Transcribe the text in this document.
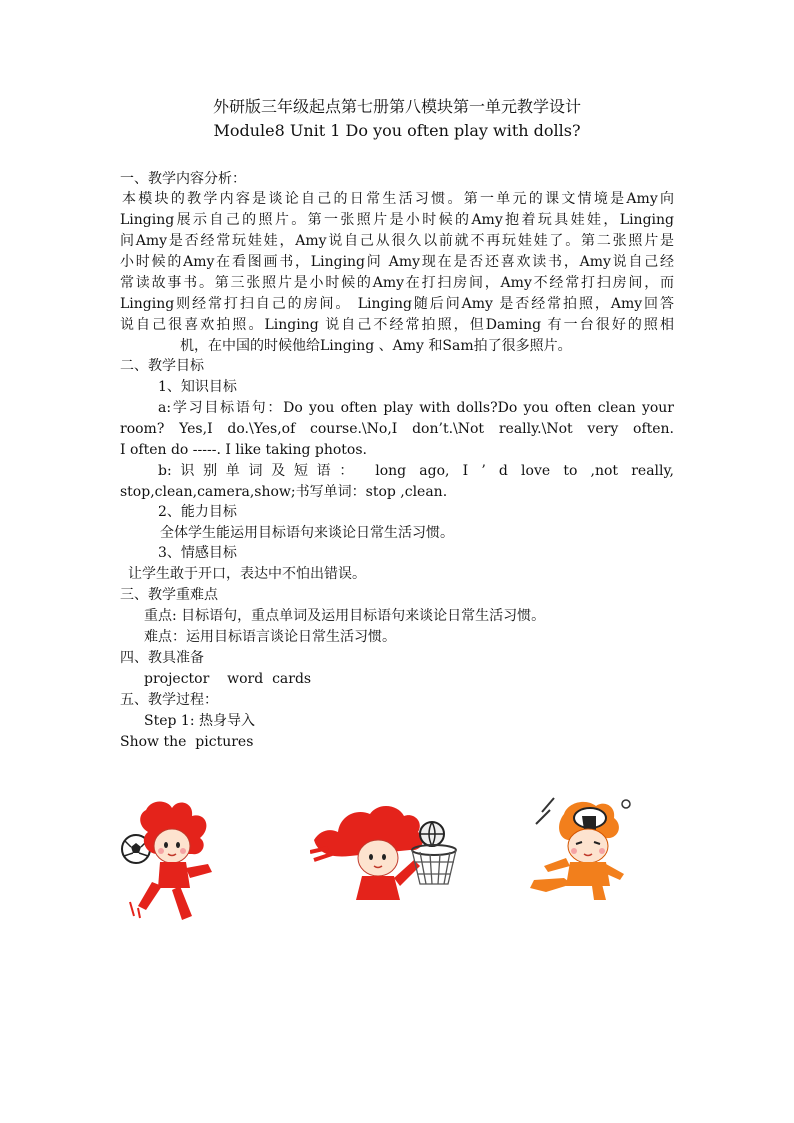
外研版三年级起点第七册第八模块第一单元教学设计
Module8 Unit 1 Do you often play with dolls?
一、教学内容分析：
本模块的教学内容是谈论自己的日常生活习惯。第一单元的课文情境是Amy向
Linging展示自己的照片。第一张照片是小时候的Amy抱着玩具娃娃，Linging
问Amy是否经常玩娃娃，Amy说自己从很久以前就不再玩娃娃了。第二张照片是
小时候的Amy在看图画书，Linging问 Amy现在是否还喜欢读书，Amy说自己经
常读故事书。第三张照片是小时候的Amy在打扫房间，Amy不经常打扫房间，而
Linging则经常打扫自己的房间。 Linging随后问Amy 是否经常拍照，Amy回答
说自己很喜欢拍照。Linging 说自己不经常拍照，但Daming 有一台很好的照相
机，在中国的时候他给Linging 、Amy 和Sam拍了很多照片。
二、教学目标
1、知识目标
a:学习目标语句：Do you often play with dolls?Do you often clean your
room? Yes,I do.\Yes,of course.\No,I don’t.\Not really.\Not very often.
I often do -----. I like taking photos.
b:识别单词及短语： long ago, I ’ d love to ,not really,
stop,clean,camera,show;书写单词：stop ,clean.
2、能力目标
全体学生能运用目标语句来谈论日常生活习惯。
3、情感目标
让学生敢于开口，表达中不怕出错误。
三、教学重难点
重点: 目标语句，重点单词及运用目标语句来谈论日常生活习惯。
难点：运用目标语言谈论日常生活习惯。
四、教具准备
projector    word  cards
五、教学过程：
Step 1: 热身导入
Show the  pictures
